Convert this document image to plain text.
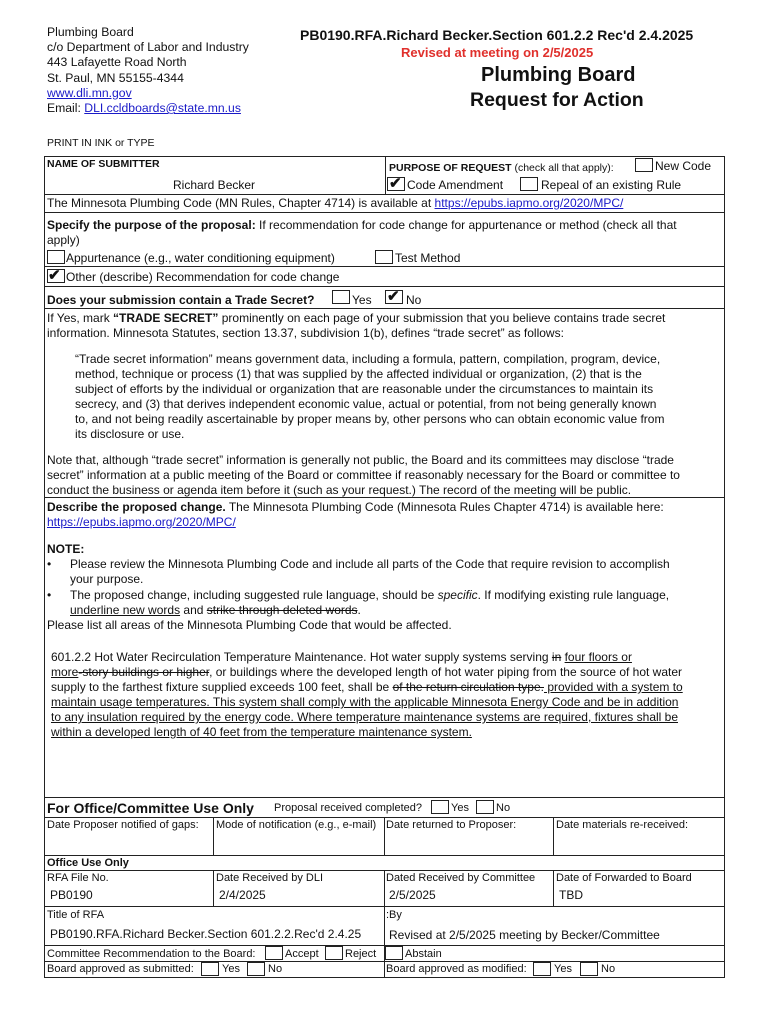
Plumbing Board
c/o Department of Labor and Industry
443 Lafayette Road North
St. Paul, MN 55155-4344
www.dli.mn.gov
Email: DLI.ccldboards@state.mn.us
PB0190.RFA.Richard Becker.Section 601.2.2 Rec'd 2.4.2025
Revised at meeting on 2/5/2025
Plumbing Board
Request for Action
PRINT IN INK or TYPE
NAME OF SUBMITTER
Richard Becker
PURPOSE OF REQUEST (check all that apply):	New Code
✔ Code Amendment	Repeal of an existing Rule
The Minnesota Plumbing Code (MN Rules, Chapter 4714) is available at https://epubs.iapmo.org/2020/MPC/
Specify the purpose of the proposal: If recommendation for code change for appurtenance or method (check all that
apply)
Appurtenance (e.g., water conditioning equipment)	Test Method
✔ Other (describe) Recommendation for code change
Does your submission contain a Trade Secret?	Yes ✔ No
If Yes, mark “TRADE SECRET” prominently on each page of your submission that you believe contains trade secret
information. Minnesota Statutes, section 13.37, subdivision 1(b), defines “trade secret” as follows:
“Trade secret information” means government data, including a formula, pattern, compilation, program, device,
method, technique or process (1) that was supplied by the affected individual or organization, (2) that is the
subject of efforts by the individual or organization that are reasonable under the circumstances to maintain its
secrecy, and (3) that derives independent economic value, actual or potential, from not being generally known
to, and not being readily ascertainable by proper means by, other persons who can obtain economic value from
its disclosure or use.
Note that, although “trade secret” information is generally not public, the Board and its committees may disclose “trade
secret” information at a public meeting of the Board or committee if reasonably necessary for the Board or committee to
conduct the business or agenda item before it (such as your request.) The record of the meeting will be public.
Describe the proposed change. The Minnesota Plumbing Code (Minnesota Rules Chapter 4714) is available here:
https://epubs.iapmo.org/2020/MPC/
NOTE:
• Please review the Minnesota Plumbing Code and include all parts of the Code that require revision to accomplish
your purpose.
• The proposed change, including suggested rule language, should be specific. If modifying existing rule language,
underline new words and strike through deleted words.
Please list all areas of the Minnesota Plumbing Code that would be affected.
601.2.2 Hot Water Recirculation Temperature Maintenance. Hot water supply systems serving in four floors or
more-story buildings or higher, or buildings where the developed length of hot water piping from the source of hot water
supply to the farthest fixture supplied exceeds 100 feet, shall be of the return circulation type. provided with a system to
maintain usage temperatures. This system shall comply with the applicable Minnesota Energy Code and be in addition
to any insulation required by the energy code. Where temperature maintenance systems are required, fixtures shall be
within a developed length of 40 feet from the temperature maintenance system.
For Office/Committee Use Only Proposal received completed?	Yes No
Date Proposer notified of gaps: Mode of notification (e.g., e-mail) Date returned to Proposer:	Date materials re-received:
Office Use Only
RFA File No.
PB0190
Date Received by DLI
2/4/2025
Dated Received by Committee
2/5/2025
Date of Forwarded to Board
TBD
Title of RFA
PB0190.RFA.Richard Becker.Section 601.2.2.Rec'd 2.4.25
:By
Revised at 2/5/2025 meeting by Becker/Committee
Committee Recommendation to the Board:	Accept Reject	Abstain
Board approved as submitted:	Yes	No	Board approved as modified: Yes	No
